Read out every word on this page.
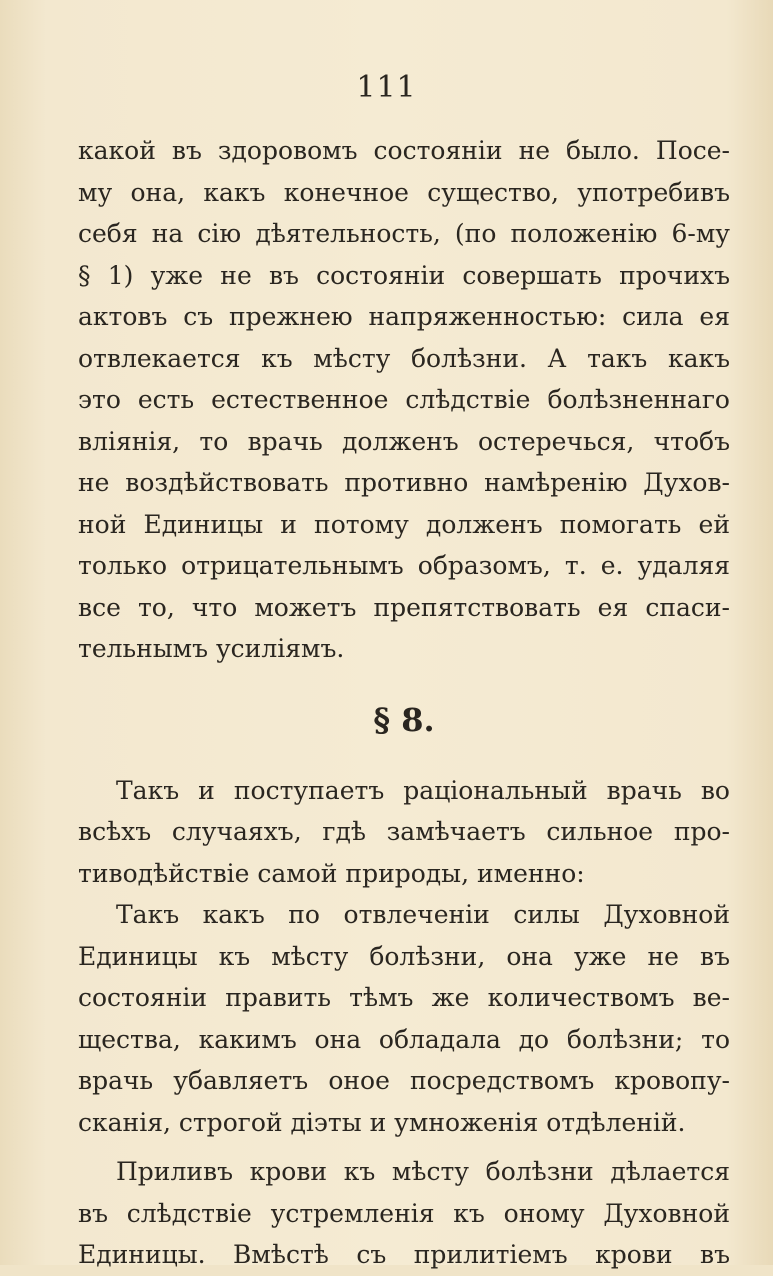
111
какой въ здоровомъ состоянiи не было. Посе-
му она, какъ конечное существо, употребивъ
себя на сiю дѣятельность, (по положенiю 6-му
§ 1) уже не въ состоянiи совершать прочихъ
актовъ съ прежнею напряженностью: сила ея
отвлекается къ мѣсту болѣзни. А такъ какъ
это есть естественное слѣдствiе болѣзненнаго
влiянiя, то врачь долженъ остеречься, чтобъ
не воздѣйствовать противно намѣренiю Духов-
ной Единицы и потому долженъ помогать ей
только отрицательнымъ образомъ, т. е. удаляя
все то, что можетъ препятствовать ея спаси-
тельнымъ усилiямъ.
§ 8.
Такъ и поступаетъ рацiональный врачь во
всѣхъ случаяхъ, гдѣ замѣчаетъ сильное про-
тиводѣйствiе самой природы, именно:
Такъ какъ по отвлеченiи силы Духовной
Единицы къ мѣсту болѣзни, она уже не въ
состоянiи править тѣмъ же количествомъ ве-
щества, какимъ она обладала до болѣзни; то
врачь убавляетъ оное посредствомъ кровопу-
сканiя, строгой дiэты и умноженiя отдѣленiй.
Приливъ крови къ мѣсту болѣзни дѣлается
въ слѣдствiе устремленiя къ оному Духовной
Единицы. Вмѣстѣ съ прилитiемъ крови въ
